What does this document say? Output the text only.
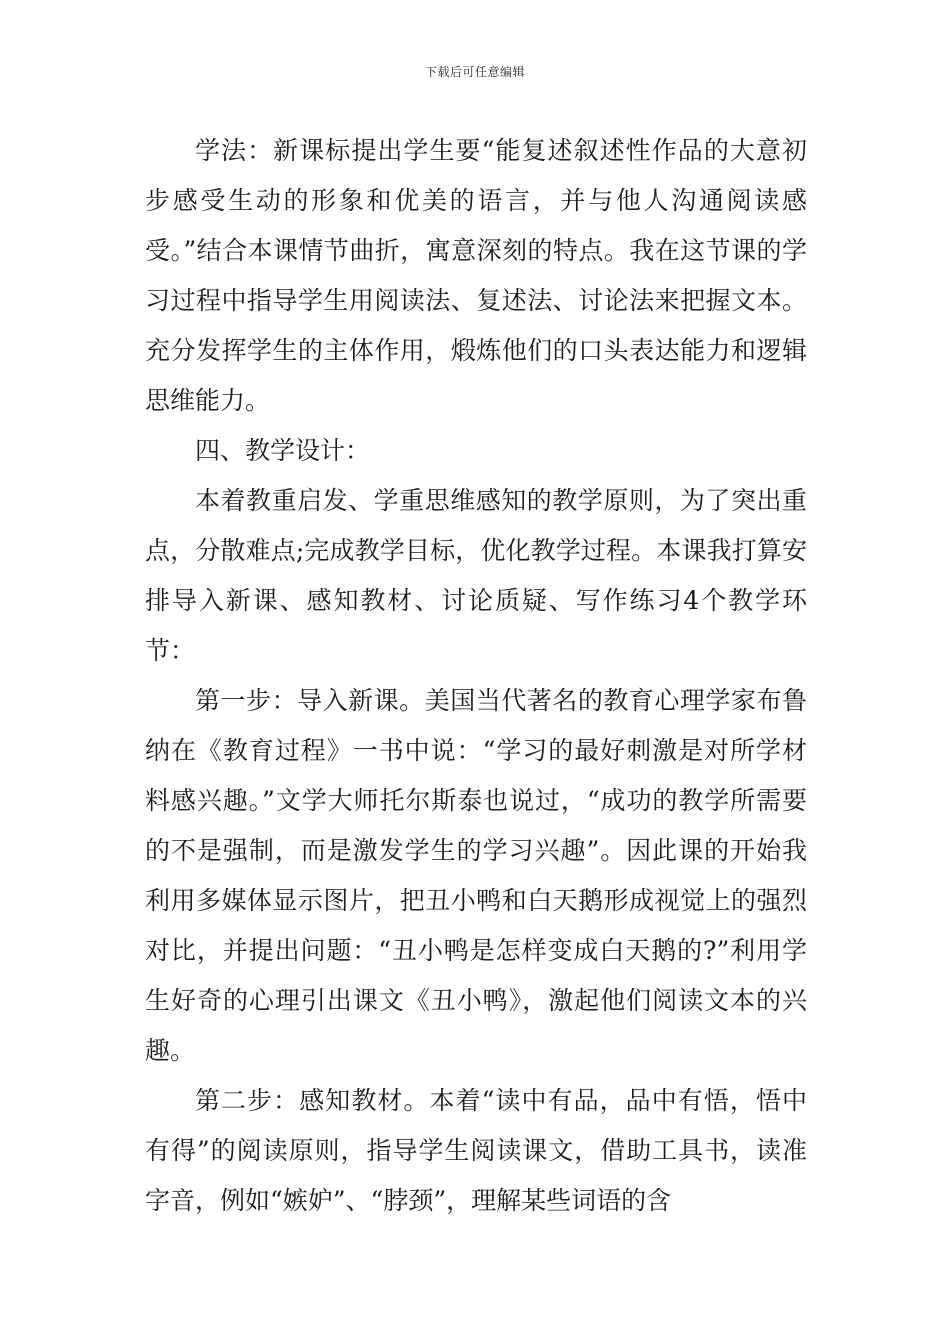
下载后可任意编辑

学法：新课标提出学生要“能复述叙述性作品的大意初步感受生动的形象和优美的语言，并与他人沟通阅读感受。”结合本课情节曲折，寓意深刻的特点。我在这节课的学习过程中指导学生用阅读法、复述法、讨论法来把握文本。充分发挥学生的主体作用，煅炼他们的口头表达能力和逻辑思维能力。

四、教学设计：

本着教重启发、学重思维感知的教学原则，为了突出重点，分散难点;完成教学目标，优化教学过程。本课我打算安排导入新课、感知教材、讨论质疑、写作练习4个教学环节：

第一步：导入新课。美国当代著名的教育心理学家布鲁纳在《教育过程》一书中说：“学习的最好刺激是对所学材料感兴趣。”文学大师托尔斯泰也说过，“成功的教学所需要的不是强制，而是激发学生的学习兴趣”。因此课的开始我利用多媒体显示图片，把丑小鸭和白天鹅形成视觉上的强烈对比，并提出问题：“丑小鸭是怎样变成白天鹅的?”利用学生好奇的心理引出课文《丑小鸭》，激起他们阅读文本的兴趣。

第二步：感知教材。本着“读中有品，品中有悟，悟中有得”的阅读原则，指导学生阅读课文，借助工具书，读准字音，例如“嫉妒”、“脖颈”，理解某些词语的含
